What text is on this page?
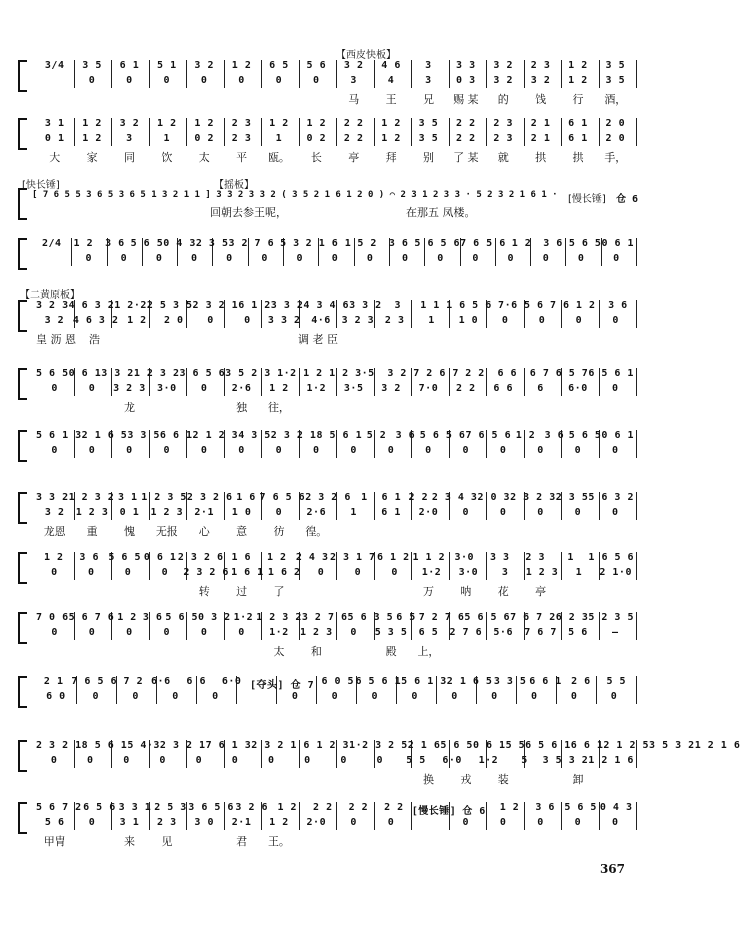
【西皮快板】
3/4	3 5	6 1	5 1	3 2	1 2	6 5	5 6	3 2	4 6	3	3 3	3 2	2 3	1 2	3 5
0	0	0	0	0	0	0	3	4	3	0 3	3 2	3 2	1 2	3 5
马	王	兄	赐 某	的	饯	行	酒，
3 1	1 2	3 2	1 2	1 2	2 3	1 2	1 2	2 2	1 2	3 5	2 2	2 3	2 1	6 1	2 0
0 1	1 2	3	1	0 2	2 3	1	0 2	2 2	1 2	3 5	2 2	2 3	2 1	6 1	2 0
大	家	同	饮	太	平	瓯。	长	亭	拜	别	了 某	就	拱	拱	手，
[快长锤]	【摇板】
[ 7 6 5 5 3 6 5 3 6 5 1 3 2 1 1 ] 3 3 2 3 3 2 ( 3 5 2 1 6 1 2 0 ) ⌒ 2 3 1 2 3 3 · 5 2 3 2 1 6 1 ·
回朝去参王呢，	在那五 凤楼。
[慢长锤] 仓 6
2/4	1 2	3 6 5 6 5 0 4 3 2 3 5 3 2 7 6 5 3 2 1 6 1 5 2	3 6 5 6 5 6 7 6 5 6 1 2	3 6 5 6 5 0 6 1
0	0	0	0	0	0	0	0	0	0	0	0	0	0	0	0
【二黄原板】
3 2 3 4 6 3 2 1 2·2 2 5 3 5 2 3 2 1 6 1 2 3 3 2 4 3 4 6 3 3 2	3	1 1 1 6 5 6 7·6 5 6 7 6 1 2	3 6
3 2 4 6 3 2 1 2	2 0	0	0	3 3 2	4·6	3 2 3	2 3	1	1 0	0	0	0	0
皇 沥 恩	浩	调 老 臣
5 6 5 0 6 1 3 3 2 1 2 3 2 3 6 5 6 3 5 2 3 1·2 1 2 1 2 3·5	3 2 7 2 6 7 2 2	6 6	6 7 6 5 7 6 5 6 1
0	0	3 2 3	3·0	0	2·6	1 2	1·2	3·5	3 2	7·0	2 2	6 6	6	6·0	0
龙	独	往，
5 6 1 3 2 1 6 5 3 3 5 6 6 1 2 1 2 3 4 3 5 2 3 2 1 8 5 6 1 5 2 3 6 5 6 5 6 7 6 5 6 1 2 3 6 5 6 5 0 6 1
0	0	0	0	0	0	0	0	0	0	0	0	0	0	0	0
3 3 2 1 2 3 2 3 1 1 2 3 5 2 3 2 6 1 6 7 6 5 6 2 3 2 6	1	6 1 2 2 2 3 4 3 2 0 3 2 3 2 3 2 3 5 5 6 3 2
3 2	1 2 3	0 1	1 2 3	2·1	1 0	0	2·6	1	6 1	2·0	0	0	0	0	0
龙恩	重	愧	无报	心	意	彷	徨。
1 2	3 6 5 6 5 0 6 1 2 3 2 6 1 6	1 2 2 4 3 2 3 1 7 6 1 2 1 1 2 3·0	3 3	2 3	1	1 6 5 6
0	0	0	0	2 3 2 6 1 6 1 1 6 2	0	0	0	1·2	3·0	3	1 2 3	1	2 1·0
转	过	了	万	呐	花	亭
7 0 6 5 6 7 6 1 2 3 6 5 6 5 0 3 2 1·2 1 2 3 2 3 2 7 6 5 6 3 5 6 5 7 2 7 6 5 6 5 6 7 6 7 2 6 2 3 5 2 3 5
0	0	0	0	0	0	1·2	1 2 3	0	5 3 5	6 5	2 7 6	5·6	7 6 7	5 6	—
太	和	殿	上，
2 1 7 6 5 6 7 2 6·6	6 6	6·0 [夺头] 仓 7 6 0 5 6 5 6 1 5 6 1 3 2 1 6 5 3 3 5 6 6 1 2 6	5 5
6 0	0	0	0	0	0	0	0	0	0	0	0	0	0
2 3 2 1 8 5 6 1 5 4·3 2 3 2 1 7 6 1 3 2 3 2 1 6 1 2 3 1·2 3 2 5 2 1 6 5 6 5 0 6 1 5 5 6 5 6 1 6 6 1 2 1 2 5 3 5 3 2 1 2 1 6
0	0	0	0	0	0	0	0	0	0	5 5	6·0	1·2	5	3 5 3 2 1 2 1 6
换	戎	装	卸
5 6 7 2 6 5 6 3 3 1 2 5 3 3 6 5 6 3 2 6 1 2	2 2	2 2	2 2 [慢长锤] 仓 6	1 2	3 6 5 6 5 0 4 3
5 6	0	3 1	2 3	3 0	2·1	1 2	2·0	0	0	0	0	0	0	0
甲胄	来	见	君	王。
367
